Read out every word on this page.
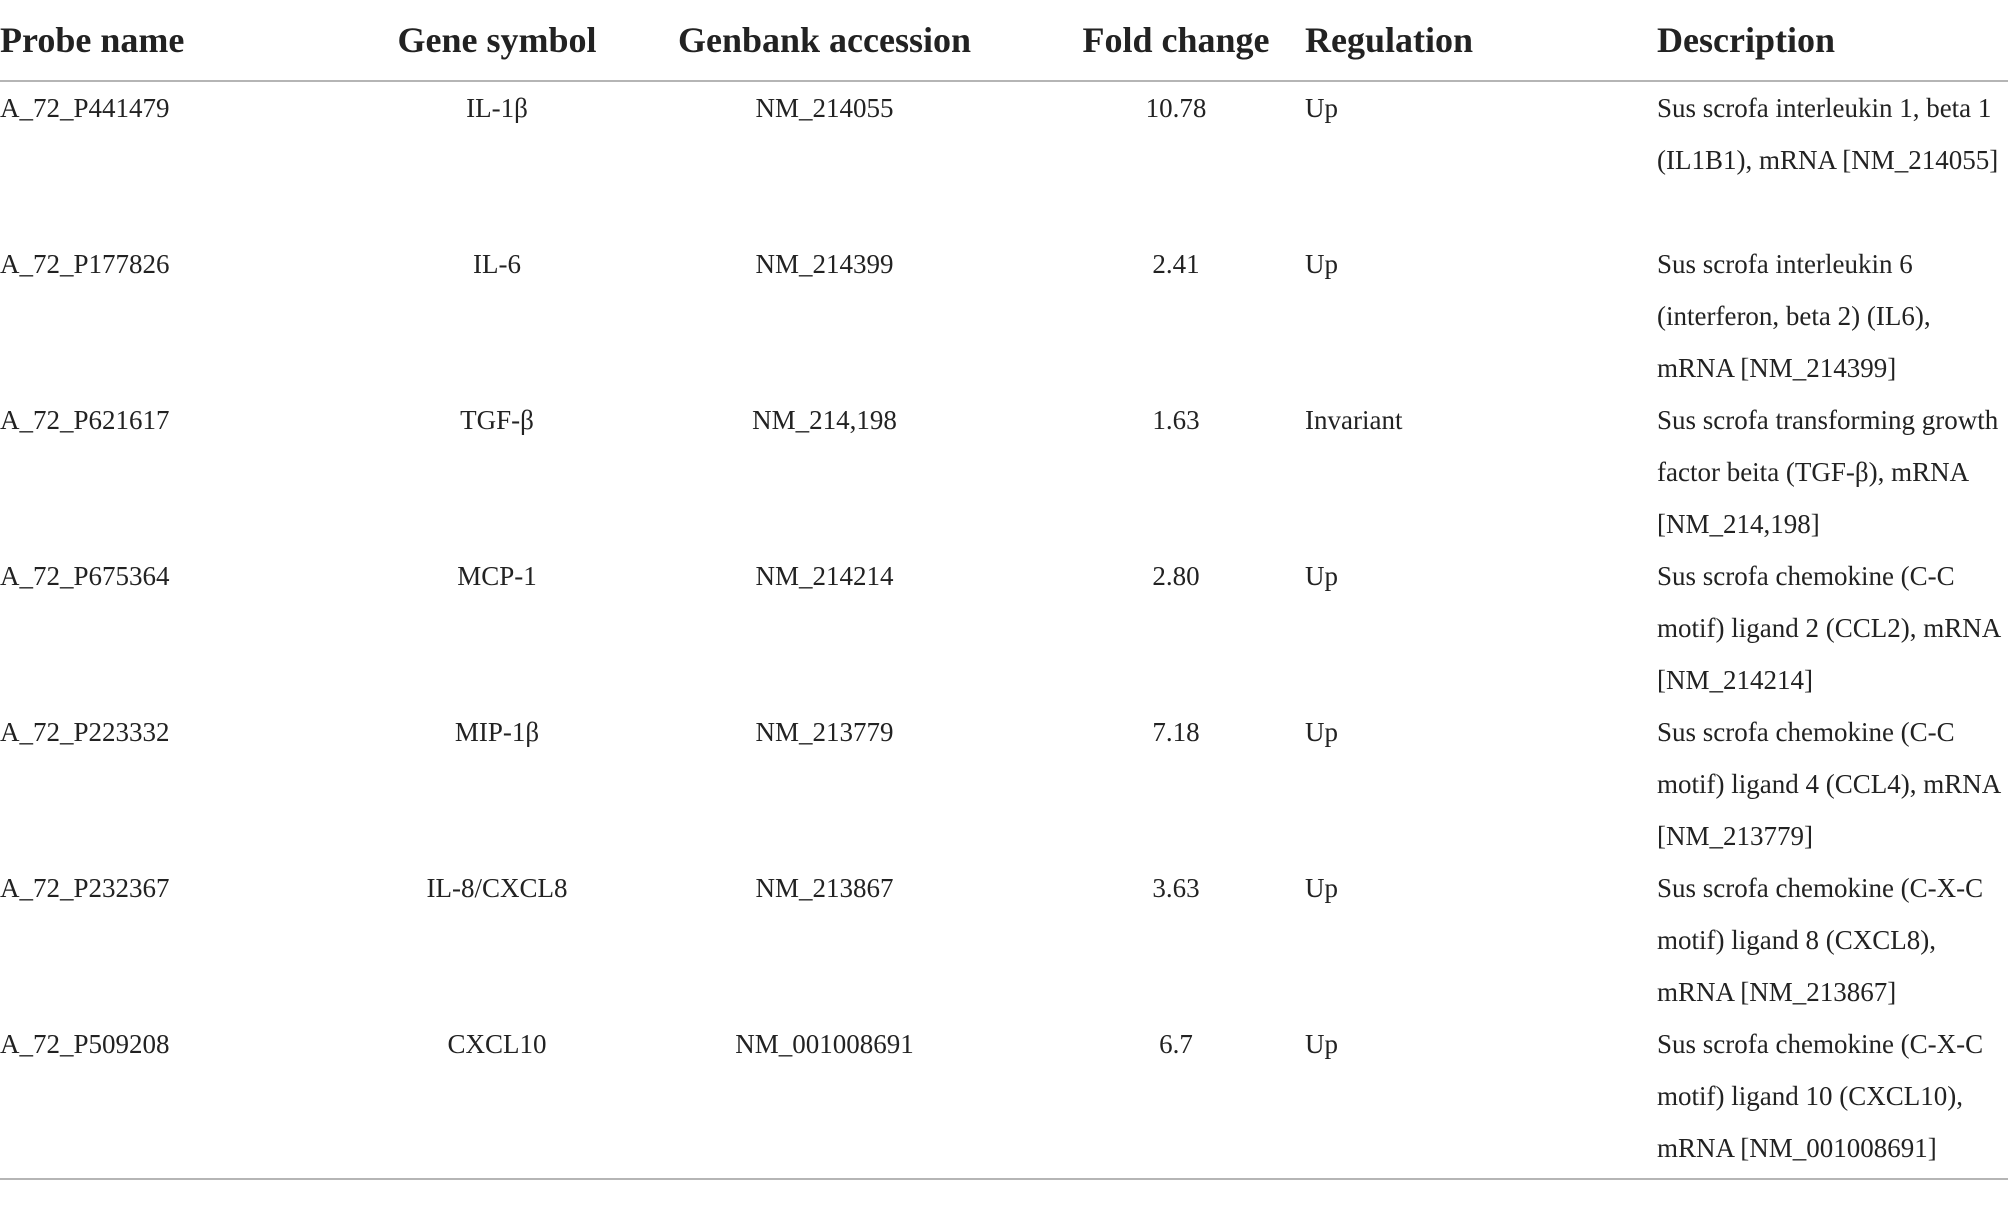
Probe name	Gene symbol	Genbank accession	Fold change	Regulation	Description
A_72_P441479	IL-1β	NM_214055	10.78	Up	Sus scrofa interleukin 1, beta 1 (IL1B1), mRNA [NM_214055]

A_72_P177826	IL-6	NM_214399	2.41	Up	Sus scrofa interleukin 6 (interferon, beta 2) (IL6), mRNA [NM_214399]

A_72_P621617	TGF-β	NM_214,198	1.63	Invariant	Sus scrofa transforming growth factor beita (TGF-β), mRNA [NM_214,198]

A_72_P675364	MCP-1	NM_214214	2.80	Up	Sus scrofa chemokine (C-C motif) ligand 2 (CCL2), mRNA [NM_214214]

A_72_P223332	MIP-1β	NM_213779	7.18	Up	Sus scrofa chemokine (C-C motif) ligand 4 (CCL4), mRNA [NM_213779]

A_72_P232367	IL-8/CXCL8	NM_213867	3.63	Up	Sus scrofa chemokine (C-X-C motif) ligand 8 (CXCL8), mRNA [NM_213867]

A_72_P509208	CXCL10	NM_001008691	6.7	Up	Sus scrofa chemokine (C-X-C motif) ligand 10 (CXCL10), mRNA [NM_001008691]
